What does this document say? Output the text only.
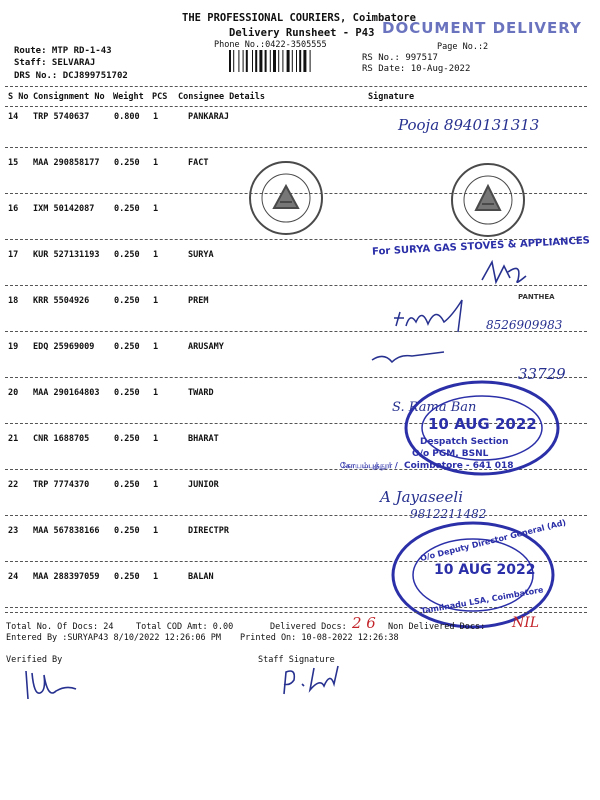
THE PROFESSIONAL COURIERS, Coimbatore
Delivery Runsheet - P43 DOCUMENT DELIVERY
Phone No.:0422-3505555	Page No.:2
Route: MTP RD-1-43
Staff: SELVARAJ
DRS No.: DCJ899751702
RS No.: 997517
RS Date: 10-Aug-2022
S No Consignment No Weight PCS Consignee Details	Signature
14 TRP 5740637	0.800 1	PANKARAJ
15 MAA 290858177 0.250 1	FACT
16 IXM 50142087 0.250 1
17 KUR 527131193 0.250 1	SURYA
18 KRR 5504926	0.250 1	PREM
19 EDQ 25969009 0.250 1	ARUSAMY
20 MAA 290164803 0.250 1	TWARD
21 CNR 1688705	0.250 1	BHARAT
22 TRP 7774370	0.250 1	JUNIOR
23 MAA 567838166 0.250 1	DIRECTPR
24 MAA 288397059 0.250 1	BALAN
Pooja 8940131313
For SURYA GAS STOVES & APPLIANCES
PANTHEA
8526909983
33729
S. Rama Ban
A Jayaseeli
9812211482
10 AUG 2022
Despatch Section
O/o PGM, BSNL
கோயம்புத்தூர் / Coimbatore - 641 018
O/o Deputy Director General (Ad)
10 AUG 2022
Tamilnadu LSA, Coimbatore
Total No. Of Docs: 24	Total COD Amt: 0.00	Delivered Docs: 2 6 Non Delivered Docs: NIL
Entered By :SURYAP43 8/10/2022 12:26:06 PM Printed On: 10-08-2022 12:26:38
Verified By	Staff Signature
